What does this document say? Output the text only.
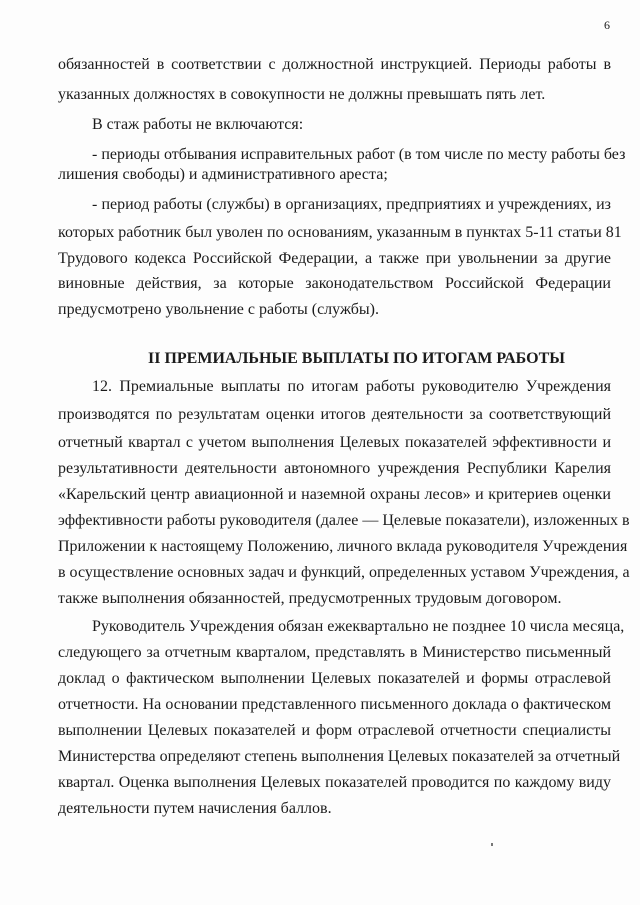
6
обязанностей в соответствии с должностной инструкцией. Периоды работы в
указанных должностях в совокупности не должны превышать пять лет.
В стаж работы не включаются:
- периоды отбывания исправительных работ (в том числе по месту работы без
лишения свободы) и административного ареста;
- период работы (службы) в организациях, предприятиях и учреждениях, из
которых работник был уволен по основаниям, указанным в пунктах 5-11 статьи 81
Трудового кодекса Российской Федерации, а также при увольнении за другие
виновные действия, за которые законодательством Российской Федерации
предусмотрено увольнение с работы (службы).
II ПРЕМИАЛЬНЫЕ ВЫПЛАТЫ ПО ИТОГАМ РАБОТЫ
12. Премиальные выплаты по итогам работы руководителю Учреждения
производятся по результатам оценки итогов деятельности за соответствующий
отчетный квартал с учетом выполнения Целевых показателей эффективности и
результативности деятельности автономного учреждения Республики Карелия
«Карельский центр авиационной и наземной охраны лесов» и критериев оценки
эффективности работы руководителя (далее — Целевые показатели), изложенных в
Приложении к настоящему Положению, личного вклада руководителя Учреждения
в осуществление основных задач и функций, определенных уставом Учреждения, а
также выполнения обязанностей, предусмотренных трудовым договором.
Руководитель Учреждения обязан ежеквартально не позднее 10 числа месяца,
следующего за отчетным кварталом, представлять в Министерство письменный
доклад о фактическом выполнении Целевых показателей и формы отраслевой
отчетности. На основании представленного письменного доклада о фактическом
выполнении Целевых показателей и форм отраслевой отчетности специалисты
Министерства определяют степень выполнения Целевых показателей за отчетный
квартал. Оценка выполнения Целевых показателей проводится по каждому виду
деятельности путем начисления баллов.
